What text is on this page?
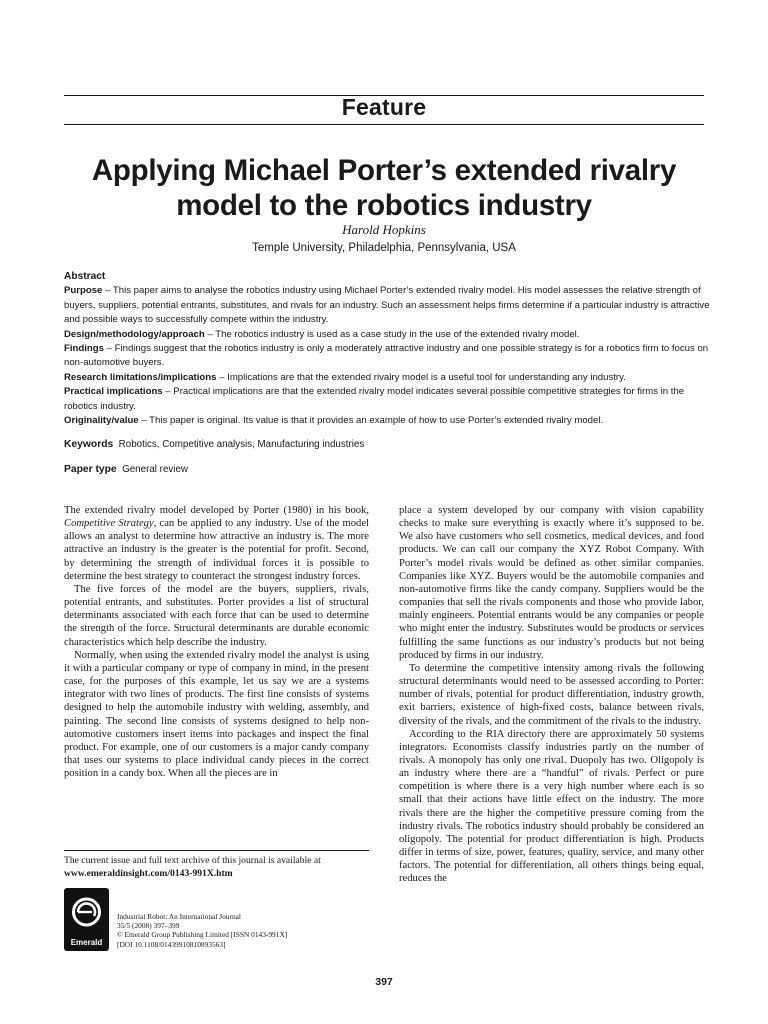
Feature
Applying Michael Porter’s extended rivalry
model to the robotics industry
Harold Hopkins
Temple University, Philadelphia, Pennsylvania, USA
Abstract

Purpose – This paper aims to analyse the robotics industry using Michael Porter’s extended rivalry model. His model assesses the relative strength of buyers, suppliers, potential entrants, substitutes, and rivals for an industry. Such an assessment helps firms determine if a particular industry is attractive and possible ways to successfully compete within the industry.

Design/methodology/approach – The robotics industry is used as a case study in the use of the extended rivalry model.

Findings – Findings suggest that the robotics industry is only a moderately attractive industry and one possible strategy is for a robotics firm to focus on non-automotive buyers.

Research limitations/implications – Implications are that the extended rivalry model is a useful tool for understanding any industry.

Practical implications – Practical implications are that the extended rivalry model indicates several possible competitive strategies for firms in the robotics industry.

Originality/value – This paper is original. Its value is that it provides an example of how to use Porter’s extended rivalry model.

Keywords Robotics, Competitive analysis, Manufacturing industries
Paper type General review

The extended rivalry model developed by Porter (1980) in his book, Competitive Strategy, can be applied to any industry. Use of the model allows an analyst to determine how attractive an industry is. The more attractive an industry is the greater is the potential for profit. Second, by determining the strength of individual forces it is possible to determine the best strategy to counteract the strongest industry forces.

The five forces of the model are the buyers, suppliers, rivals, potential entrants, and substitutes. Porter provides a list of structural determinants associated with each force that can be used to determine the strength of the force. Structural determinants are durable economic characteristics which help describe the industry.

Normally, when using the extended rivalry model the analyst is using it with a particular company or type of company in mind, in the present case, for the purposes of this example, let us say we are a systems integrator with two lines of products. The first line consists of systems designed to help the automobile industry with welding, assembly, and painting. The second line consists of systems designed to help non-automotive customers insert items into packages and inspect the final product. For example, one of our customers is a major candy company that uses our systems to place individual candy pieces in the correct position in a candy box. When all the pieces are in

place a system developed by our company with vision capability checks to make sure everything is exactly where it’s supposed to be. We also have customers who sell cosmetics, medical devices, and food products. We can call our company the XYZ Robot Company. With Porter’s model rivals would be defined as other similar companies. Companies like XYZ. Buyers would be the automobile companies and non-automotive firms like the candy company. Suppliers would be the companies that sell the rivals components and those who provide labor, mainly engineers. Potential entrants would be any companies or people who might enter the industry. Substitutes would be products or services fulfilling the same functions as our industry’s products but not being produced by firms in our industry.

To determine the competitive intensity among rivals the following structural determinants would need to be assessed according to Porter: number of rivals, potential for product differentiation, industry growth, exit barriers, existence of high-fixed costs, balance between rivals, diversity of the rivals, and the commitment of the rivals to the industry.

According to the RIA directory there are approximately 50 systems integrators. Economists classify industries partly on the number of rivals. A monopoly has only one rival. Duopoly has two. Oligopoly is an industry where there are a “handful” of rivals. Perfect or pure competition is where there is a very high number where each is so small that their actions have little effect on the industry. The more rivals there are the higher the competitive pressure coming from the industry rivals. The robotics industry should probably be considered an oligopoly. The potential for product differentiation is high. Products differ in terms of size, power, features, quality, service, and many other factors. The potential for differentiation, all others things being equal, reduces the

The current issue and full text archive of this journal is available at
www.emeraldinsight.com/0143-991X.htm
Emerald
Industrial Robot: An International Journal
35/5 (2008) 397–399
© Emerald Group Publishing Limited [ISSN 0143-991X]
[DOI 10.1108/01439910810893563]
397
